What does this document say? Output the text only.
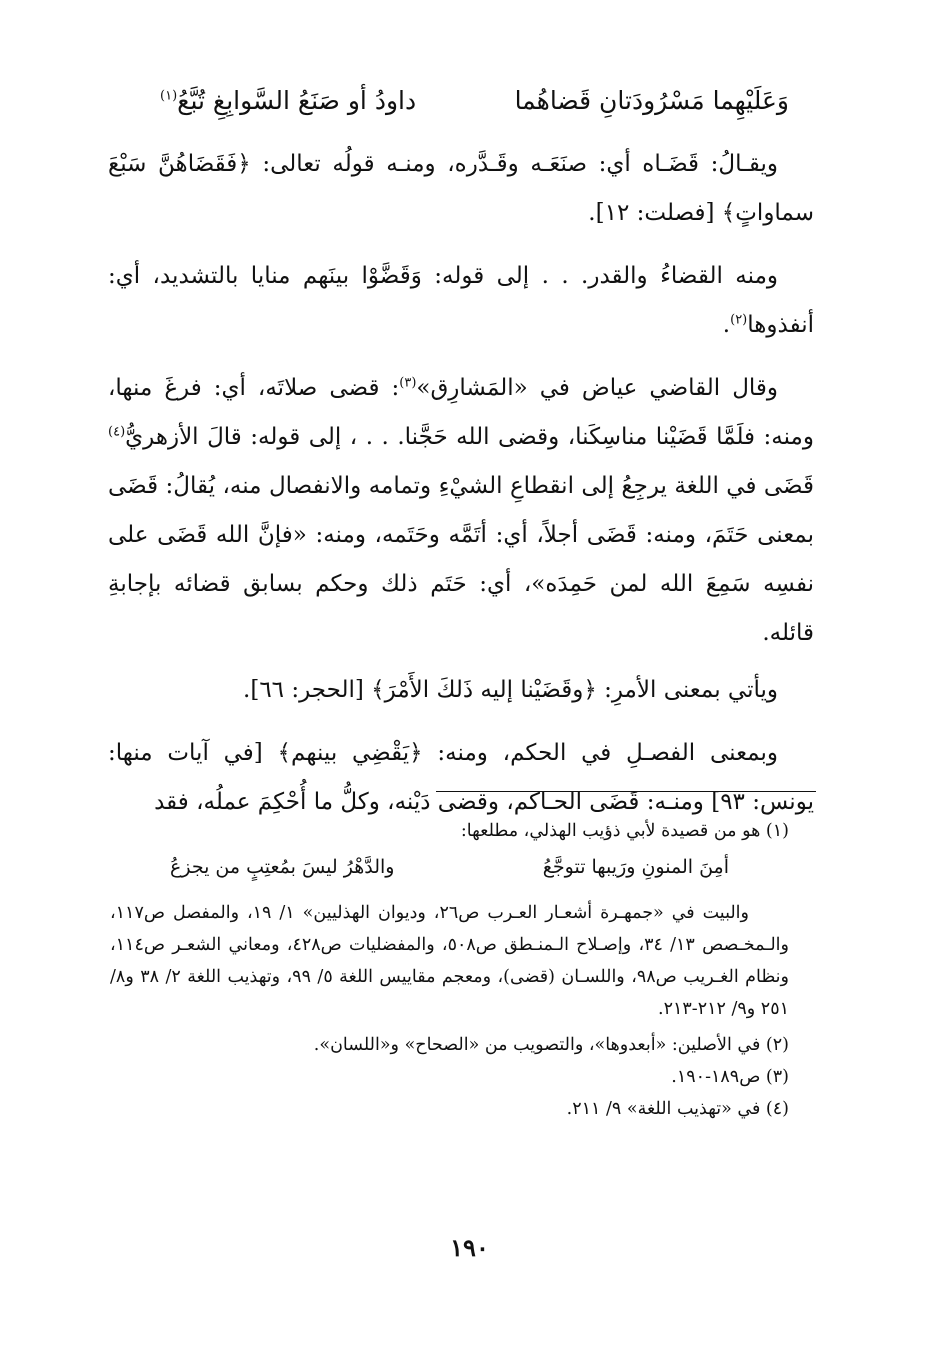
وَعَلَيْهِما مَسْرُودَتانِ قَضاهُما
داودُ أو صَنَعُ السَّوابِغِ تُبَّعُ$^{(١)}$

ويقـالُ: قَضَـاه أي: صنَعَـه وقَـدَّره، ومنـه قولُه تعالى: ﴿فَقَضَاهُنَّ سَبْعَ سماواتٍ﴾ [فصلت: ١٢].

ومنه القضاءُ والقدر. . . إلى قوله: وَقَضَّوْا بينَهم منايا بالتشديد، أي: أنفذوها$^{(٢)}$.

وقال القاضي عياض في «المَشارِق»$^{(٣)}$: قضى صلاتَه، أي: فرغَ منها، ومنه: فلَمَّا قَضَيْنا مناسِكَنا، وقضى الله حَجَّنا. . . ، إلى قوله: قالَ الأزهريُّ$^{(٤)}$ قَضَى في اللغة يرجِعُ إلى انقطاعِ الشيْءِ وتمامه والانفصال منه، يُقالُ: قَضَى بمعنى حَتَمَ، ومنه: قَضَى أجلاً، أي: أتَمَّه وحَتَمه، ومنه: «فإنَّ الله قَضَى على نفسِه سَمِعَ الله لمن حَمِدَه»، أي: حَتَم ذلك وحكم بسابق قضائه بإجابةِ قائله.

ويأتي بمعنى الأمرِ: ﴿وقَضَيْنا إليه ذَلكَ الأَمْرَ﴾ [الحجر: ٦٦].

وبمعنى الفصـلِ في الحكم، ومنه: ﴿يَقْضِي بينهم﴾ [في آيات منها: يونس: ٩٣] ومنـه: قَضَى الحـاكم، وقضى دَيْنه، وكلُّ ما أُحْكِمَ عملُه، فقد

(١) هو من قصيدة لأبي ذؤيب الهذلي، مطلعها:

أمِنَ المنونِ ورَيبها تتوجَّعُ
والدَّهْرُ ليسَ بمُعتِبٍ من يجزعُ

والبيت في «جمهـرة أشعـار العـرب ص٢٦، وديوان الهذليين» ١/ ١٩، والمفصل ص١١٧، والـمخـصص ١٣/ ٣٤، وإصـلاح الـمنـطق ص٥٠٨، والمفضليات ص٤٢٨، ومعاني الشعـر ص١١٤، ونظام الغـريب ص٩٨، واللسـان (قضى)، ومعجم مقاييس اللغة ٥/ ٩٩، وتهذيب اللغة ٢/ ٣٨ و٨/ ٢٥١ و٩/ ٢١٢-٢١٣.

(٢) في الأصلين: «أبعدوها»، والتصويب من «الصحاح» و«اللسان».

(٣) ص١٨٩-١٩٠.

(٤) في «تهذيب اللغة» ٩/ ٢١١.

١٩٠
